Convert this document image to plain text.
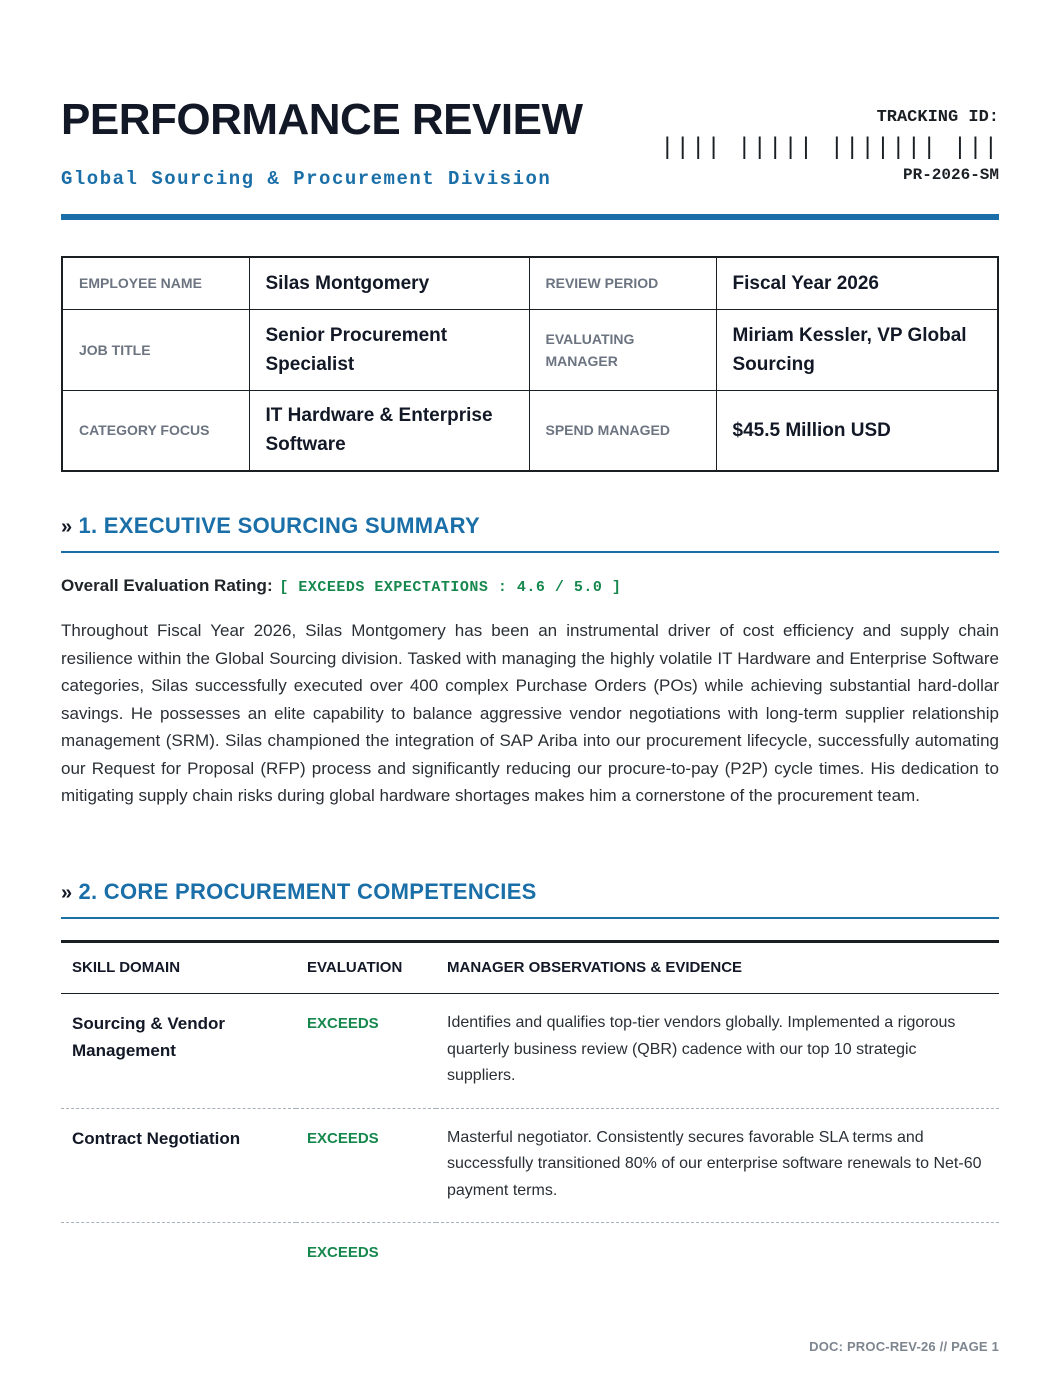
PERFORMANCE REVIEW
Global Sourcing & Procurement Division
TRACKING ID:
|||| ||||| ||||||| |||
PR-2026-SM
EMPLOYEE NAME	Silas Montgomery	REVIEW PERIOD	Fiscal Year 2026
JOB TITLE	Senior Procurement Specialist	EVALUATING MANAGER	Miriam Kessler, VP Global Sourcing
CATEGORY FOCUS	IT Hardware & Enterprise Software	SPEND MANAGED	$45.5 Million USD
» 1. EXECUTIVE SOURCING SUMMARY
Overall Evaluation Rating: [ EXCEEDS EXPECTATIONS : 4.6 / 5.0 ]

Throughout Fiscal Year 2026, Silas Montgomery has been an instrumental driver of cost efficiency and supply chain resilience within the Global Sourcing division. Tasked with managing the highly volatile IT Hardware and Enterprise Software categories, Silas successfully executed over 400 complex Purchase Orders (POs) while achieving substantial hard-dollar savings. He possesses an elite capability to balance aggressive vendor negotiations with long-term supplier relationship management (SRM). Silas championed the integration of SAP Ariba into our procurement lifecycle, successfully automating our Request for Proposal (RFP) process and significantly reducing our procure-to-pay (P2P) cycle times. His dedication to mitigating supply chain risks during global hardware shortages makes him a cornerstone of the procurement team.

» 2. CORE PROCUREMENT COMPETENCIES
SKILL DOMAIN	EVALUATION	MANAGER OBSERVATIONS & EVIDENCE
Sourcing & Vendor Management	EXCEEDS	Identifies and qualifies top-tier vendors globally. Implemented a rigorous quarterly business review (QBR) cadence with our top 10 strategic suppliers.
Contract Negotiation	EXCEEDS	Masterful negotiator. Consistently secures favorable SLA terms and successfully transitioned 80% of our enterprise software renewals to Net-60 payment terms.
	EXCEEDS	
DOC: PROC-REV-26 // PAGE 1
